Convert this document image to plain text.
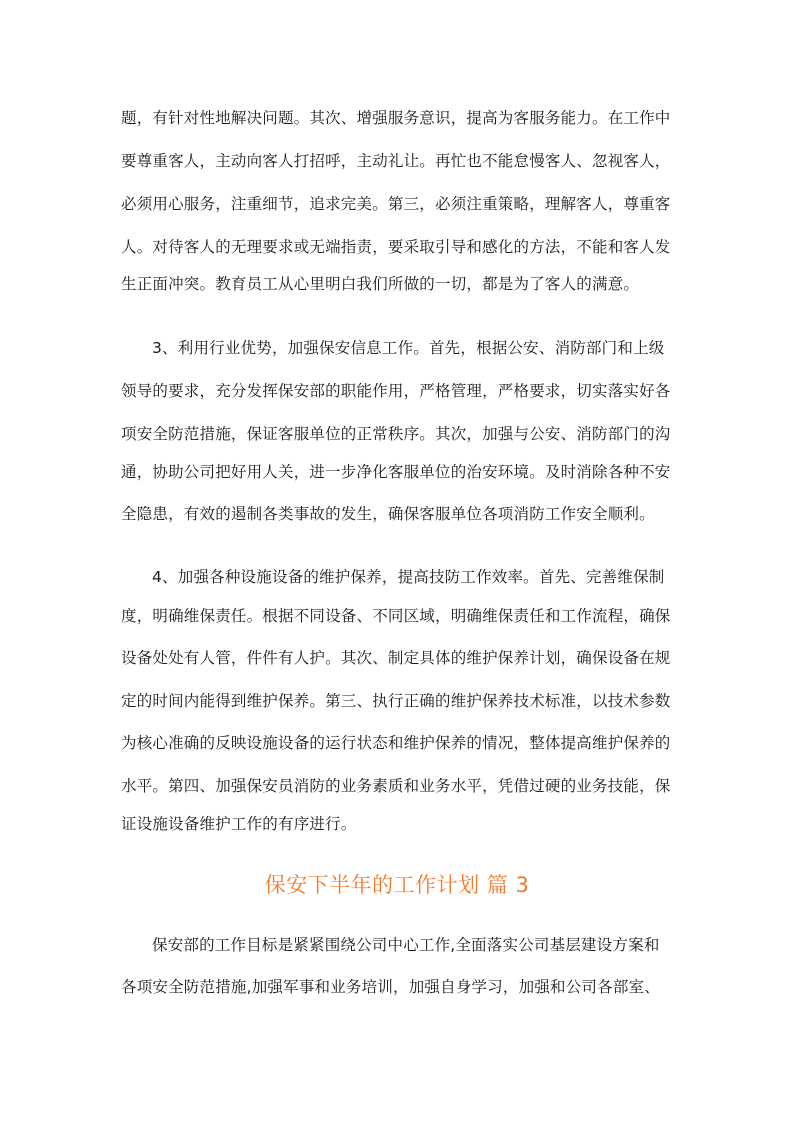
题，有针对性地解决问题。其次、增强服务意识，提高为客服务能力。在工作中
要尊重客人，主动向客人打招呼，主动礼让。再忙也不能怠慢客人、忽视客人，
必须用心服务，注重细节，追求完美。第三，必须注重策略，理解客人，尊重客
人。对待客人的无理要求或无端指责，要采取引导和感化的方法，不能和客人发
生正面冲突。教育员工从心里明白我们所做的一切，都是为了客人的满意。
3、利用行业优势，加强保安信息工作。首先，根据公安、消防部门和上级
领导的要求，充分发挥保安部的职能作用，严格管理，严格要求，切实落实好各
项安全防范措施，保证客服单位的正常秩序。其次，加强与公安、消防部门的沟
通，协助公司把好用人关，进一步净化客服单位的治安环境。及时消除各种不安
全隐患，有效的遏制各类事故的发生，确保客服单位各项消防工作安全顺利。
4、加强各种设施设备的维护保养，提高技防工作效率。首先、完善维保制
度，明确维保责任。根据不同设备、不同区域，明确维保责任和工作流程，确保
设备处处有人管，件件有人护。其次、制定具体的维护保养计划，确保设备在规
定的时间内能得到维护保养。第三、执行正确的维护保养技术标准，以技术参数
为核心准确的反映设施设备的运行状态和维护保养的情况，整体提高维护保养的
水平。第四、加强保安员消防的业务素质和业务水平，凭借过硬的业务技能，保
证设施设备维护工作的有序进行。
保安下半年的工作计划 篇 3
保安部的工作目标是紧紧围绕公司中心工作,全面落实公司基层建设方案和
各项安全防范措施,加强军事和业务培训，加强自身学习，加强和公司各部室、
